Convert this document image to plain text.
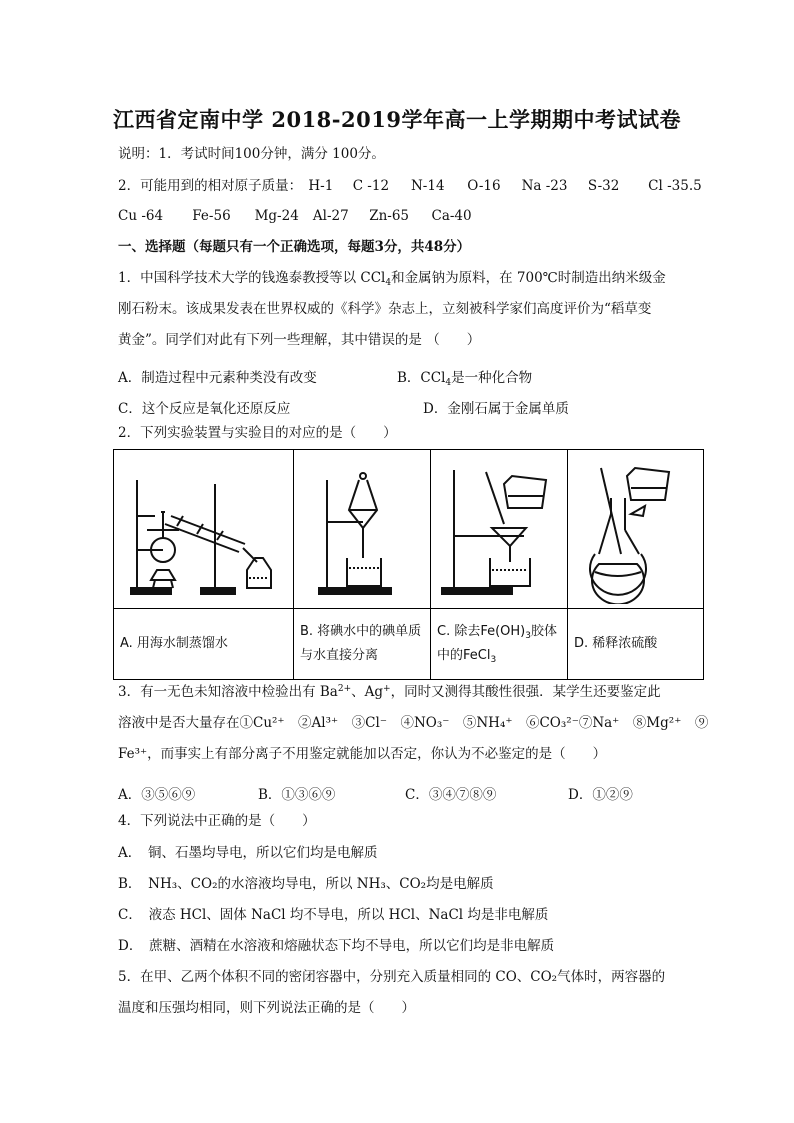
江西省定南中学 2018-2019学年高一上学期期中考试试卷
说明：1．考试时间100分钟，满分 100分。
2．可能用到的相对原子质量： H-1 C -12 N-14 O-16 Na -23 S-32 Cl -35.5
Cu -64 Fe-56 Mg-24 Al-27 Zn-65 Ca-40
一、选择题（每题只有一个正确选项，每题3分，共48分）
1．中国科学技术大学的钱逸泰教授等以 CCl$_4$和金属钠为原料，在 700℃时制造出纳米级金
刚石粉末。该成果发表在世界权威的《科学》杂志上，立刻被科学家们高度评价为“稻草变
黄金”。同学们对此有下列一些理解，其中错误的是 （　　）
A．制造过程中元素种类没有改变	B．CCl$_4$是一种化合物
C．这个反应是氧化还原反应	D．金刚石属于金属单质
2．下列实验装置与实验目的对应的是（　　）

A. 用海水制蒸馏水	B. 将碘水中的碘单质与水直接分离	C. 除去$Fe(OH)_3$胶体中的FeCl$_3$	D. 稀释浓硫酸
3．有一无色未知溶液中检验出有 $Ba^{2+}$、Ag+，同时又测得其酸性很强．某学生还要鉴定此
溶液中是否大量存在①Cu²⁺　②Al³⁺　③Cl⁻　④NO₃⁻　⑤NH₄⁺　⑥CO₃²⁻⑦Na⁺　⑧Mg²⁺　⑨
Fe³⁺，而事实上有部分离子不用鉴定就能加以否定，你认为不必鉴定的是（　　）
A．③⑤⑥⑨	B．①③⑥⑨	C．③④⑦⑧⑨	D．①②⑨
4．下列说法中正确的是（　　）
A．　铜、石墨均导电，所以它们均是电解质
B．　NH₃、CO₂的水溶液均导电，所以 NH₃、CO₂均是电解质
C．　液态 HCl、固体 NaCl 均不导电，所以 HCl、NaCl 均是非电解质
D．　蔗糖、酒精在水溶液和熔融状态下均不导电，所以它们均是非电解质
5．在甲、乙两个体积不同的密闭容器中，分别充入质量相同的 CO、CO₂气体时，两容器的
温度和压强均相同，则下列说法正确的是（　　）
